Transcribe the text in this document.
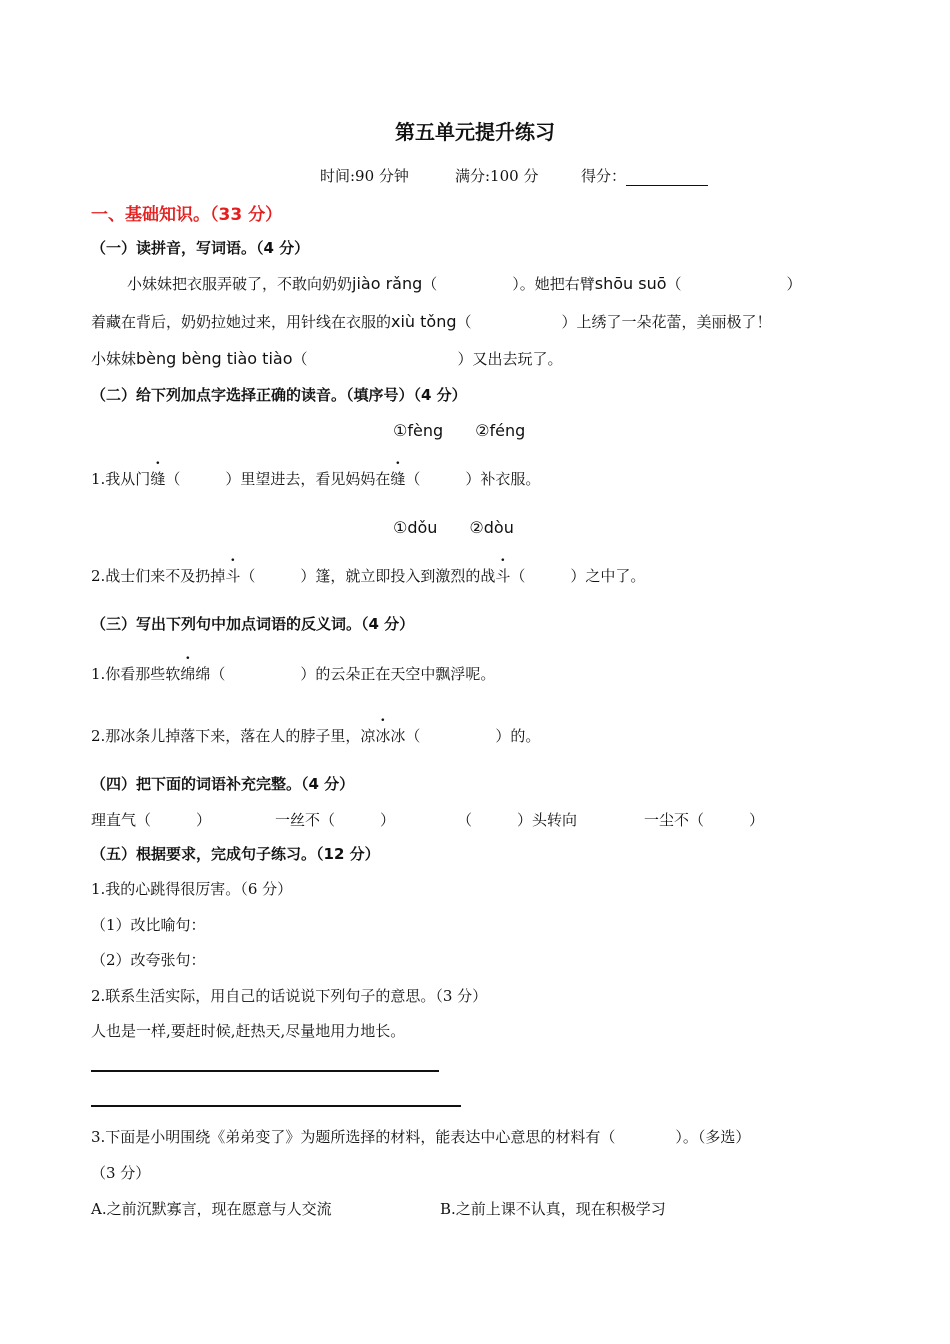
第五单元提升练习
时间:90 分钟	满分:100 分	得分：
一、基础知识。（33 分）
（一）读拼音，写词语。（4 分）
小妹妹把衣服弄破了，不敢向奶奶jiào rǎng（　　　　　）。她把右臂shōu suō（　　　　　　　）
着藏在背后，奶奶拉她过来，用针线在衣服的xiù tǒng（　　　　　　）上绣了一朵花蕾，美丽极了！
小妹妹bèng bèng tiào tiào（　　　　　　　　　　）又出去玩了。
（二）给下列加点字选择正确的读音。（填序号）（4 分）
①fèng　　②féng
1.我从门缝（　　　）里望进去，看见妈妈在缝（　　　）补衣服。
①dǒu　　②dòu
2.战士们来不及扔掉斗（　　　）篷，就立即投入到激烈的战斗（　　　）之中了。
（三）写出下列句中加点词语的反义词。（4 分）
1.你看那些软绵绵（　　　　　）的云朵正在天空中飘浮呢。
2.那冰条儿掉落下来，落在人的脖子里，凉冰冰（　　　　　）的。
（四）把下面的词语补充完整。（4 分）
理直气（　　　）	一丝不（　　　）	（　　　）头转向	一尘不（　　　）
（五）根据要求，完成句子练习。（12 分）
1.我的心跳得很厉害。（6 分）
（1）改比喻句：
（2）改夸张句：
2.联系生活实际，用自己的话说说下列句子的意思。（3 分）
人也是一样,要赶时候,赶热天,尽量地用力地长。
3.下面是小明围绕《弟弟变了》为题所选择的材料，能表达中心意思的材料有（　　　　）。（多选）
（3 分）
A.之前沉默寡言，现在愿意与人交流	B.之前上课不认真，现在积极学习
